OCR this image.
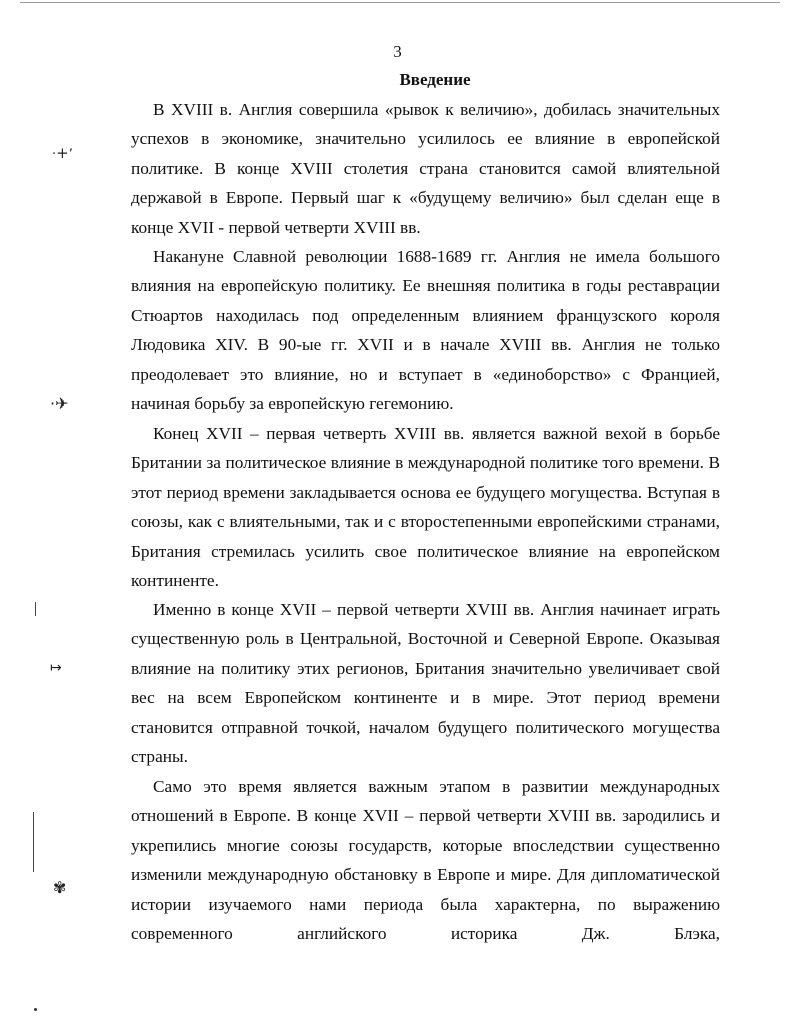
3
Введение

В XVIII в. Англия совершила «рывок к величию», добилась значительных успехов в экономике, значительно усилилось ее влияние в европейской политике. В конце XVIII столетия страна становится самой влиятельной державой в Европе. Первый шаг к «будущему величию» был сделан еще в конце XVII - первой четверти XVIII вв.

Накануне Славной революции 1688-1689 гг. Англия не имела большого влияния на европейскую политику. Ее внешняя политика в годы реставрации Стюартов находилась под определенным влиянием французского короля Людовика XIV. В 90-ые гг. XVII и в начале XVIII вв. Англия не только преодолевает это влияние, но и вступает в «единоборство» с Францией, начиная борьбу за европейскую гегемонию.

Конец XVII – первая четверть XVIII вв. является важной вехой в борьбе Британии за политическое влияние в международной политике того времени. В этот период времени закладывается основа ее будущего могущества. Вступая в союзы, как с влиятельными, так и с второстепенными европейскими странами, Британия стремилась усилить свое политическое влияние на европейском континенте.

Именно в конце XVII – первой четверти XVIII вв. Англия начинает играть существенную роль в Центральной, Восточной и Северной Европе. Оказывая влияние на политику этих регионов, Британия значительно увеличивает свой вес на всем Европейском континенте и в мире. Этот период времени становится отправной точкой, началом будущего политического могущества страны.

Само это время является важным этапом в развитии международных отношений в Европе. В конце XVII – первой четверти XVIII вв. зародились и укрепились многие союзы государств, которые впоследствии существенно изменили международную обстановку в Европе и мире. Для дипломатической истории изучаемого нами периода была характерна, по выражению современного английского историка Дж. Блэка,

·+ʼ
·✈
↦
✾
